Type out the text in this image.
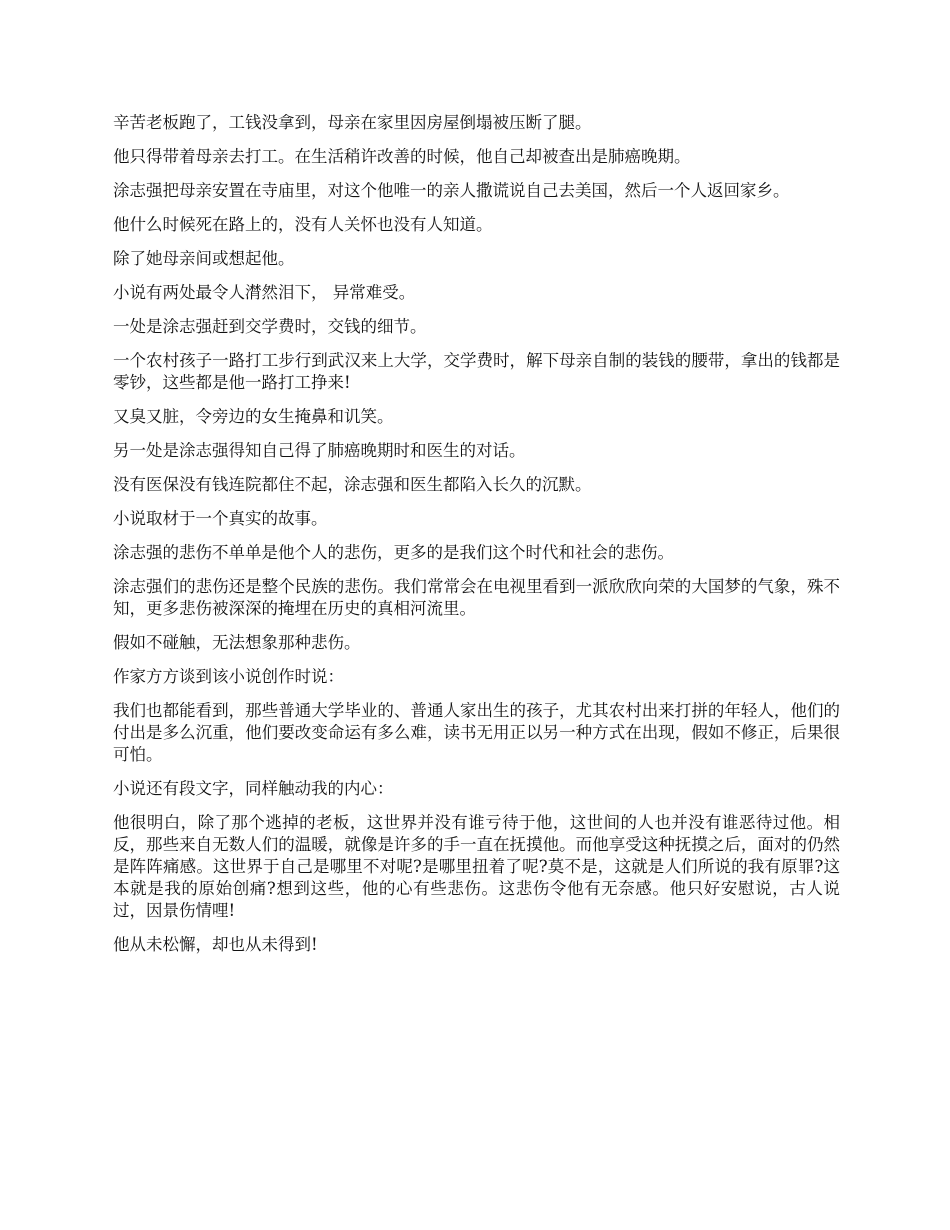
辛苦老板跑了，工钱没拿到，母亲在家里因房屋倒塌被压断了腿。

他只得带着母亲去打工。在生活稍许改善的时候，他自己却被查出是肺癌晚期。

涂志强把母亲安置在寺庙里，对这个他唯一的亲人撒谎说自己去美国，然后一个人返回家乡。

他什么时候死在路上的，没有人关怀也没有人知道。

除了她母亲间或想起他。

小说有两处最令人潸然泪下， 异常难受。

一处是涂志强赶到交学费时，交钱的细节。

一个农村孩子一路打工步行到武汉来上大学，交学费时，解下母亲自制的装钱的腰带，拿出的钱都是零钞，这些都是他一路打工挣来!

又臭又脏，令旁边的女生掩鼻和讥笑。

另一处是涂志强得知自己得了肺癌晚期时和医生的对话。

没有医保没有钱连院都住不起，涂志强和医生都陷入长久的沉默。

小说取材于一个真实的故事。

涂志强的悲伤不单单是他个人的悲伤，更多的是我们这个时代和社会的悲伤。

涂志强们的悲伤还是整个民族的悲伤。我们常常会在电视里看到一派欣欣向荣的大国梦的气象，殊不知，更多悲伤被深深的掩埋在历史的真相河流里。

假如不碰触，无法想象那种悲伤。

作家方方谈到该小说创作时说：

我们也都能看到，那些普通大学毕业的、普通人家出生的孩子，尤其农村出来打拼的年轻人，他们的付出是多么沉重，他们要改变命运有多么难，读书无用正以另一种方式在出现，假如不修正，后果很可怕。

小说还有段文字，同样触动我的内心：

他很明白，除了那个逃掉的老板，这世界并没有谁亏待于他，这世间的人也并没有谁恶待过他。相反，那些来自无数人们的温暖，就像是许多的手一直在抚摸他。而他享受这种抚摸之后，面对的仍然是阵阵痛感。这世界于自己是哪里不对呢?是哪里扭着了呢?莫不是，这就是人们所说的我有原罪?这本就是我的原始创痛?想到这些，他的心有些悲伤。这悲伤令他有无奈感。他只好安慰说，古人说过，因景伤情哩!

他从未松懈，却也从未得到!
